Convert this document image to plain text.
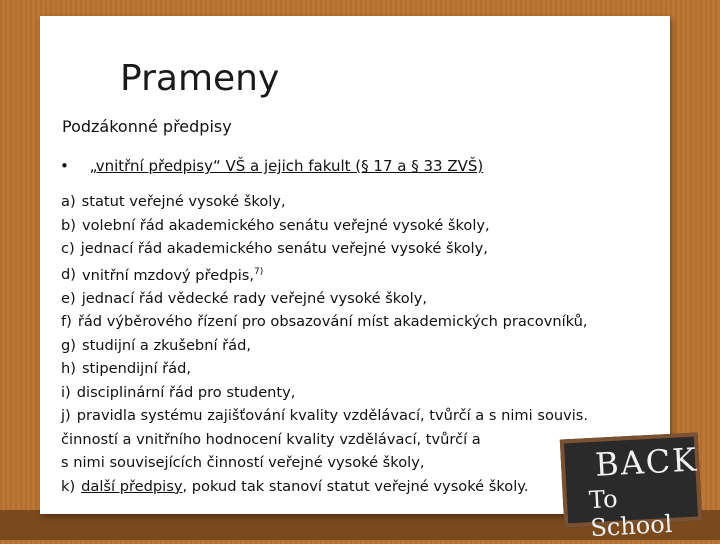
Prameny
Podzákonné předpisy
• „vnitřní předpisy“ VŠ a jejich fakult (§ 17 a § 33 ZVŠ)
a) statut veřejné vysoké školy,
b) volební řád akademického senátu veřejné vysoké školy,
c) jednací řád akademického senátu veřejné vysoké školy,
d) vnitřní mzdový předpis,$^{7)}$
e) jednací řád vědecké rady veřejné vysoké školy,
f) řád výběrového řízení pro obsazování míst akademických pracovníků,
g) studijní a zkušební řád,
h) stipendijní řád,
i) disciplinární řád pro studenty,
j) pravidla systému zajišťování kvality vzdělávací, tvůrčí a s nimi souvis.
činností a vnitřního hodnocení kvality vzdělávací, tvůrčí a
s nimi souvisejících činností veřejné vysoké školy,
k) další předpisy, pokud tak stanoví statut veřejné vysoké školy.
BACK
To School
